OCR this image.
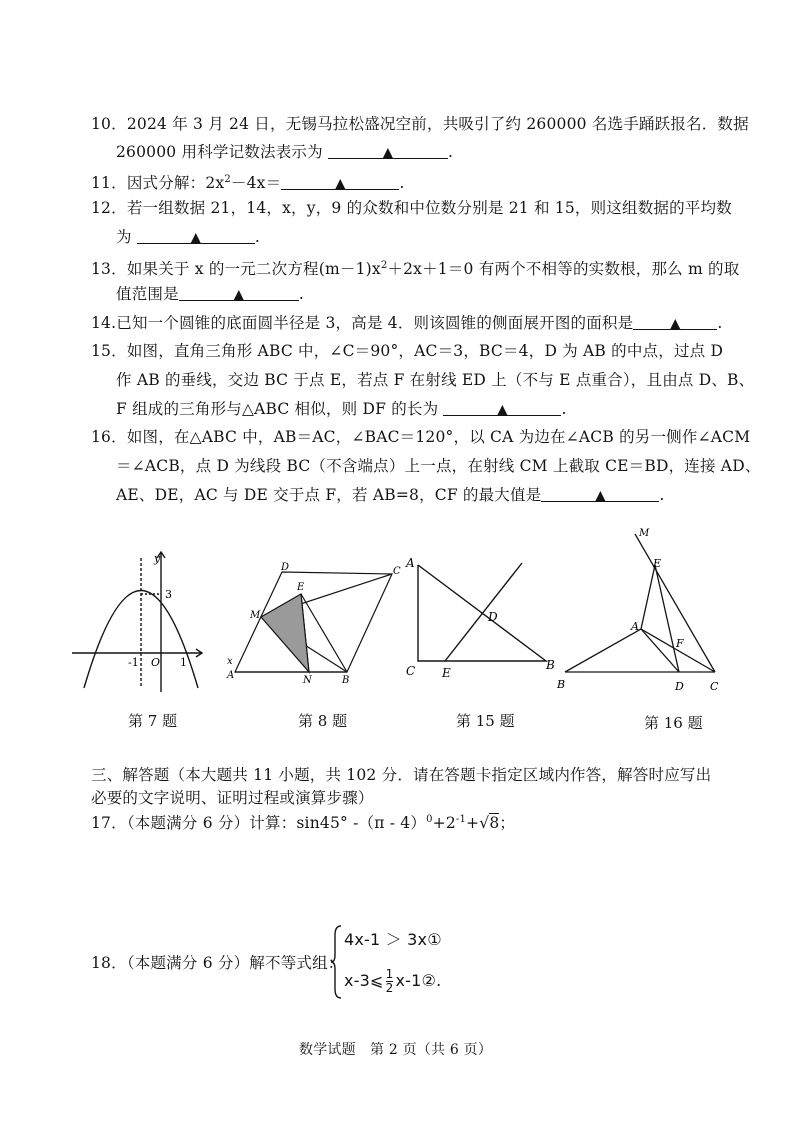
10．2024 年 3 月 24 日，无锡马拉松盛况空前，共吸引了约 260000 名选手踊跃报名．数据
260000 用科学记数法表示为	▲	.
11．因式分解：$2x^2-4x=$	▲	.
12．若一组数据 21，14，x，y，9 的众数和中位数分别是 21 和 15，则这组数据的平均数
为	▲	.
13．如果关于 x 的一元二次方程$(m-1)x^2+2x+1=0$ 有两个不相等的实数根，那么 m 的取
值范围是	▲	.
14.已知一个圆锥的底面圆半径是 3，高是 4．则该圆锥的侧面展开图的面积是	▲ .
15．如图，直角三角形 ABC 中，∠C＝90°，AC＝3，BC＝4，D 为 AB 的中点，过点 D
作 AB 的垂线，交边 BC 于点 E，若点 F 在射线 ED 上（不与 E 点重合），且由点 D、B、
F 组成的三角形与△ABC 相似，则 DF 的长为	▲	.
16．如图，在△ABC 中，AB＝AC，∠BAC＝120°，以 CA 为边在∠ACB 的另一侧作∠ACM
＝∠ACB，点 D 为线段 BC（不含端点）上一点，在射线 CM 上截取 CE＝BD，连接 AD、
AE、DE，AC 与 DE 交于点 F，若 AB=8，CF 的最大值是	▲	.
y
3
-1 O 1
D	C
E
M
A	N	B
x
A
D
C E
B
M
E
A
F
B	D C
第 7 题	第 8 题	第 15 题	第 16 题
三、解答题（本大题共 11 小题，共 102 分．请在答题卡指定区域内作答，解答时应写出
必要的文字说明、证明过程或演算步骤）
17．（本题满分 6 分）计算：sin45° $-(\pi - 4)^0+2^{-1}+√8$；
18．（本题满分 6 分）解不等式组：
4x-1 ＞ 3x①
x-3⩽ $\frac{1}{2}$ x-1②.
数学试题　第 2 页（共 6 页）
